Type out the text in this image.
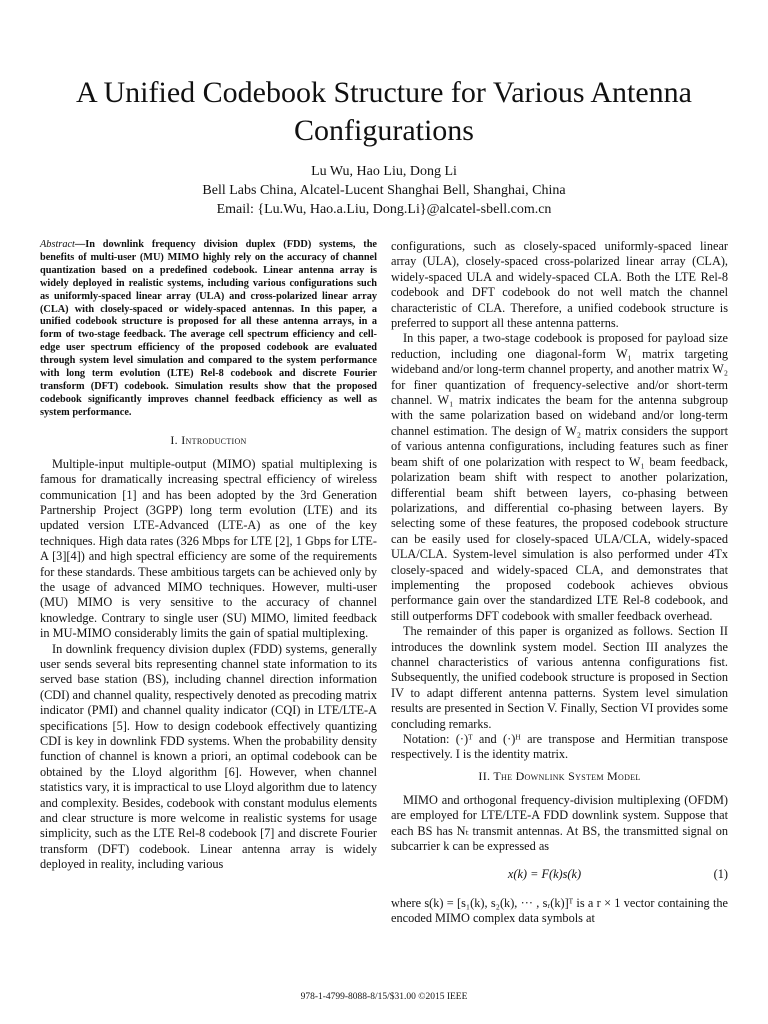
A Unified Codebook Structure for Various Antenna Configurations
Lu Wu, Hao Liu, Dong Li
Bell Labs China, Alcatel-Lucent Shanghai Bell, Shanghai, China
Email: {Lu.Wu, Hao.a.Liu, Dong.Li}@alcatel-sbell.com.cn
Abstract—In downlink frequency division duplex (FDD) systems, the benefits of multi-user (MU) MIMO highly rely on the accuracy of channel quantization based on a predefined codebook. Linear antenna array is widely deployed in realistic systems, including various configurations such as uniformly-spaced linear array (ULA) and cross-polarized linear array (CLA) with closely-spaced or widely-spaced antennas. In this paper, a unified codebook structure is proposed for all these antenna arrays, in a form of two-stage feedback. The average cell spectrum efficiency and cell-edge user spectrum efficiency of the proposed codebook are evaluated through system level simulation and compared to the system performance with long term evolution (LTE) Rel-8 codebook and discrete Fourier transform (DFT) codebook. Simulation results show that the proposed codebook significantly improves channel feedback efficiency as well as system performance.
I. Introduction

Multiple-input multiple-output (MIMO) spatial multiplexing is famous for dramatically increasing spectral efficiency of wireless communication [1] and has been adopted by the 3rd Generation Partnership Project (3GPP) long term evolution (LTE) and its updated version LTE-Advanced (LTE-A) as one of the key techniques. High data rates (326 Mbps for LTE [2], 1 Gbps for LTE-A [3][4]) and high spectral efficiency are some of the requirements for these standards. These ambitious targets can be achieved only by the usage of advanced MIMO techniques. However, multi-user (MU) MIMO is very sensitive to the accuracy of channel knowledge. Contrary to single user (SU) MIMO, limited feedback in MU-MIMO considerably limits the gain of spatial multiplexing.

In downlink frequency division duplex (FDD) systems, generally user sends several bits representing channel state information to its served base station (BS), including channel direction information (CDI) and channel quality, respectively denoted as precoding matrix indicator (PMI) and channel quality indicator (CQI) in LTE/LTE-A specifications [5]. How to design codebook effectively quantizing CDI is key in downlink FDD systems. When the probability density function of channel is known a priori, an optimal codebook can be obtained by the Lloyd algorithm [6]. However, when channel statistics vary, it is impractical to use Lloyd algorithm due to latency and complexity. Besides, codebook with constant modulus elements and clear structure is more welcome in realistic systems for usage simplicity, such as the LTE Rel-8 codebook [7] and discrete Fourier transform (DFT) codebook. Linear antenna array is widely deployed in reality, including various

configurations, such as closely-spaced uniformly-spaced linear array (ULA), closely-spaced cross-polarized linear array (CLA), widely-spaced ULA and widely-spaced CLA. Both the LTE Rel-8 codebook and DFT codebook do not well match the channel characteristic of CLA. Therefore, a unified codebook structure is preferred to support all these antenna patterns.

In this paper, a two-stage codebook is proposed for payload size reduction, including one diagonal-form W₁ matrix targeting wideband and/or long-term channel property, and another matrix W₂ for finer quantization of frequency-selective and/or short-term channel. W₁ matrix indicates the beam for the antenna subgroup with the same polarization based on wideband and/or long-term channel estimation. The design of W₂ matrix considers the support of various antenna configurations, including features such as finer beam shift of one polarization with respect to W₁ beam feedback, polarization beam shift with respect to another polarization, differential beam shift between layers, co-phasing between polarizations, and differential co-phasing between layers. By selecting some of these features, the proposed codebook structure can be easily used for closely-spaced ULA/CLA, widely-spaced ULA/CLA. System-level simulation is also performed under 4Tx closely-spaced and widely-spaced CLA, and demonstrates that implementing the proposed codebook achieves obvious performance gain over the standardized LTE Rel-8 codebook, and still outperforms DFT codebook with smaller feedback overhead.

The remainder of this paper is organized as follows. Section II introduces the downlink system model. Section III analyzes the channel characteristics of various antenna configurations fist. Subsequently, the unified codebook structure is proposed in Section IV to adapt different antenna patterns. System level simulation results are presented in Section V. Finally, Section VI provides some concluding remarks.

Notation: (·)ᵀ and (·)ᴴ are transpose and Hermitian transpose respectively. I is the identity matrix.

II. The Downlink System Model

MIMO and orthogonal frequency-division multiplexing (OFDM) are employed for LTE/LTE-A FDD downlink system. Suppose that each BS has Nₜ transmit antennas. At BS, the transmitted signal on subcarrier k can be expressed as

x(k) = F(k)s(k)	(1)

where s(k) = [s₁(k), s₂(k), ··· , sᵣ(k)]ᵀ is a r × 1 vector containing the encoded MIMO complex data symbols at

978-1-4799-8088-8/15/$31.00 ©2015 IEEE
